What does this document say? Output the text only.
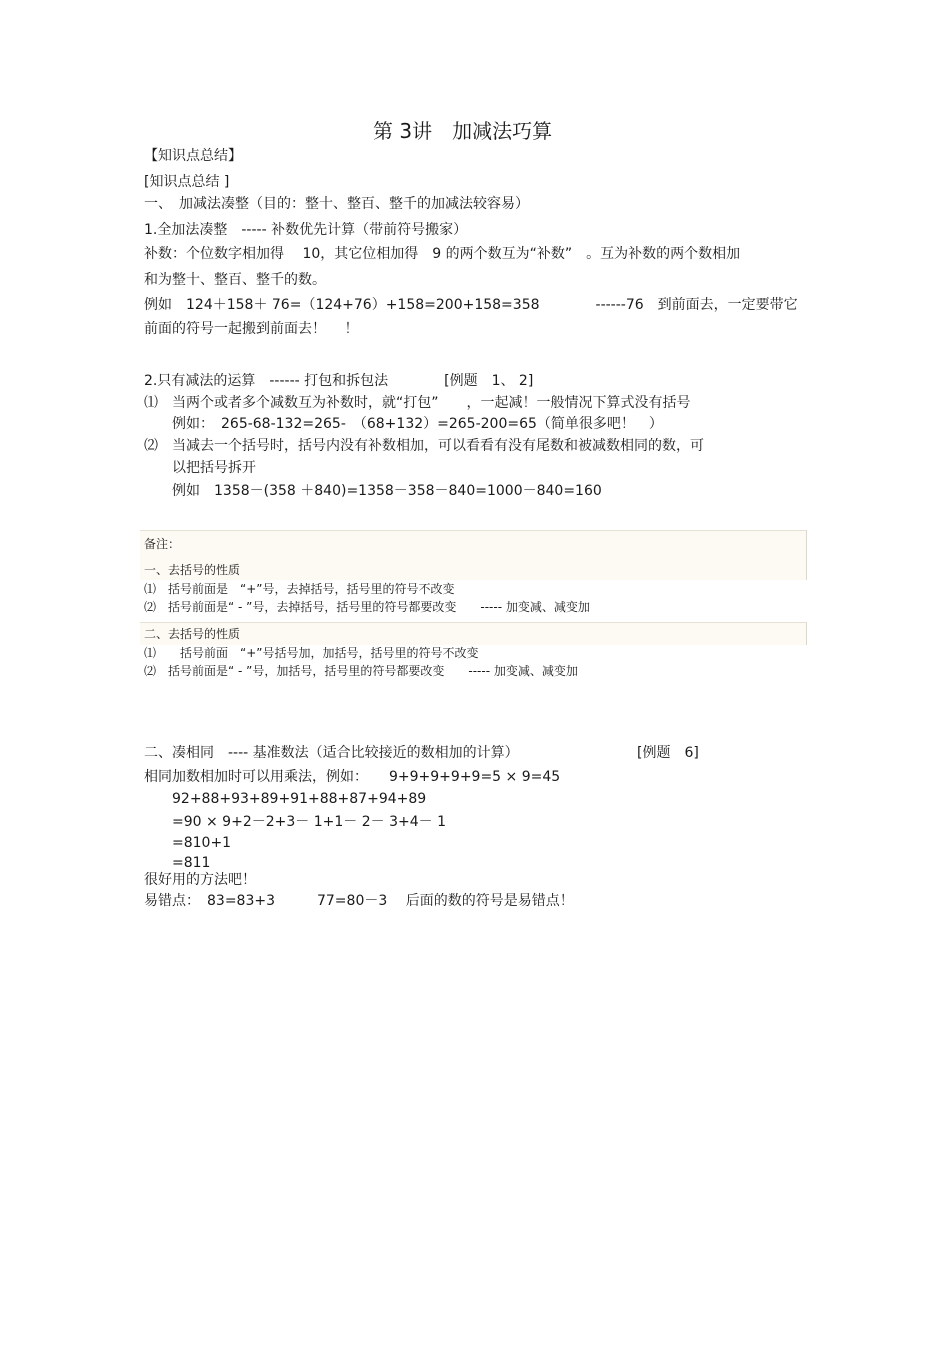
第 3讲　加减法巧算
【知识点总结】
[知识点总结 ]
一、　加减法凑整（目的：整十、整百、整千的加减法较容易）
1.全加法凑整　----- 补数优先计算（带前符号搬家）
补数：个位数字相加得　 10，其它位相加得　9 的两个数互为“补数”　。互为补数的两个数相加
和为整十、整百、整千的数。
例如　124＋158＋ 76=（124+76）+158=200+158=358　　　　------76　到前面去，一定要带它
前面的符号一起搬到前面去！　 ！
2.只有减法的运算　------ 打包和拆包法　　　　[例题　1、 2]
⑴　当两个或者多个减数互为补数时，就“打包”　　，一起减！一般情况下算式没有括号
例如：　265-68-132=265-　（68+132）=265-200=65（简单很多吧！　）
⑵　当减去一个括号时，括号内没有补数相加，可以看看有没有尾数和被减数相同的数，可
以把括号拆开
例如　1358－(358 ＋840)=1358－358－840=1000－840=160
备注：
一、去括号的性质
⑴　括号前面是　“+”号，去掉括号，括号里的符号不改变
⑵　括号前面是“ - ”号，去掉括号，括号里的符号都要改变　　----- 加变减、减变加
二、去括号的性质
⑴　　括号前面　“+”号括号加，加括号，括号里的符号不改变
⑵　括号前面是“ - ”号，加括号，括号里的符号都要改变　　----- 加变减、减变加
二、凑相同　---- 基准数法（适合比较接近的数相加的计算）	[例题　6]
相同加数相加时可以用乘法，例如：　　9+9+9+9+9=5 × 9=45
92+88+93+89+91+88+87+94+89
=90 × 9+2－2+3－ 1+1－ 2－ 3+4－ 1
=810+1
=811
很好用的方法吧！
易错点：　83=83+3　　　77=80－3　 后面的数的符号是易错点！
